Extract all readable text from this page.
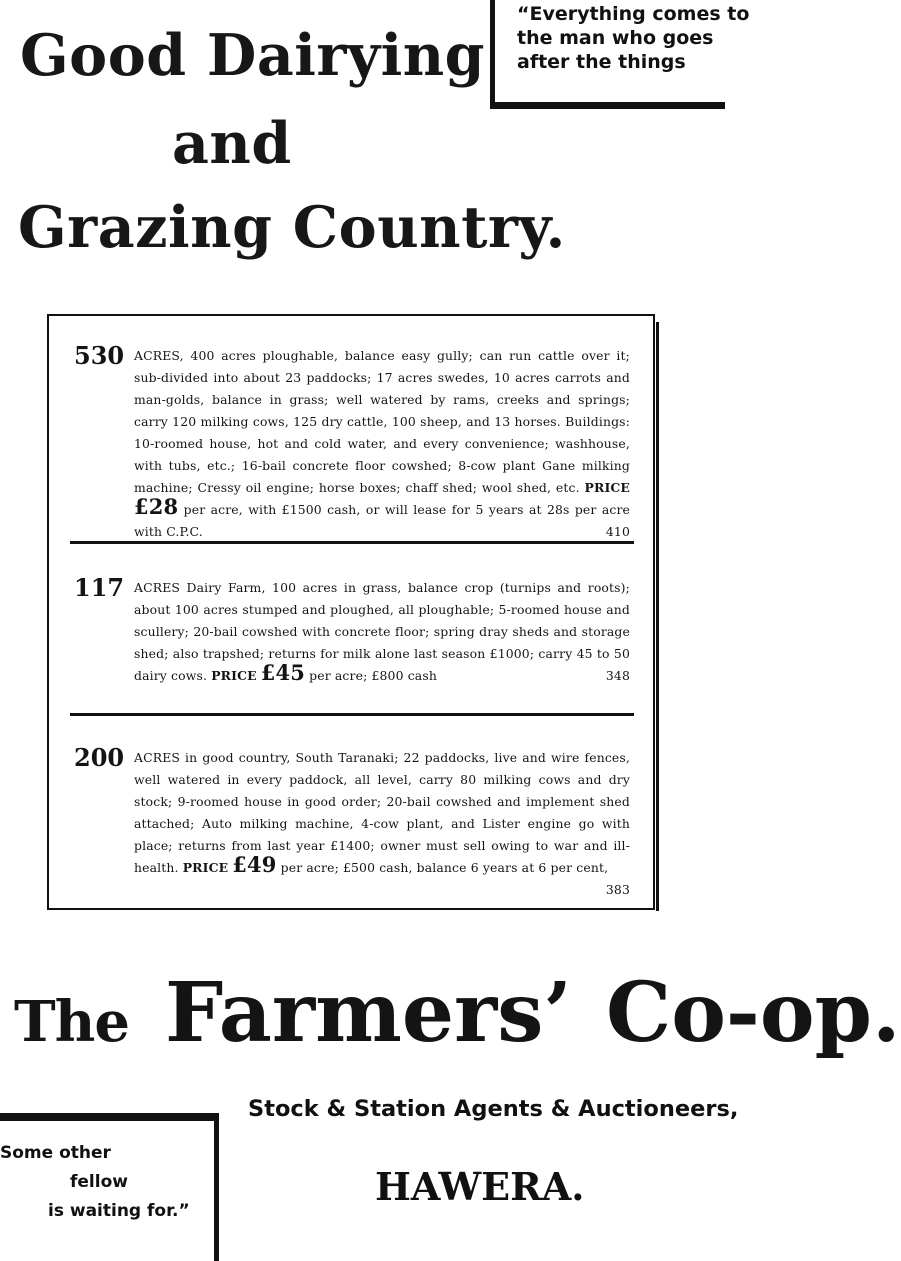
Good Dairying
and
Grazing Country.
“Everything comes to
the man who goes
after the things
530 ACRES, 400 acres ploughable, balance easy gully; can run cattle over it; sub-divided into about 23 paddocks; 17 acres swedes, 10 acres carrots and man-golds, balance in grass; well watered by rams, creeks and springs; carry 120 milking cows, 125 dry cattle, 100 sheep, and 13 horses. Buildings: 10-roomed house, hot and cold water, and every convenience; washhouse, with tubs, etc.; 16-bail concrete floor cowshed; 8-cow plant Gane milking machine; Cressy oil engine; horse boxes; chaff shed; wool shed, etc. PRICE £28 per acre, with £1500 cash, or will lease for 5 years at 28s per acre with C.P.C.	410
117 ACRES Dairy Farm, 100 acres in grass, balance crop (turnips and roots); about 100 acres stumped and ploughed, all ploughable; 5-roomed house and scullery; 20-bail cowshed with concrete floor; spring dray sheds and storage shed; also trapshed; returns for milk alone last season £1000; carry 45 to 50 dairy cows. PRICE £45 per acre; £800 cash	348
200 ACRES in good country, South Taranaki; 22 paddocks, live and wire fences, well watered in every paddock, all level, carry 80 milking cows and dry stock; 9-roomed house in good order; 20-bail cowshed and implement shed attached; Auto milking machine, 4-cow plant, and Lister engine go with place; returns from last year £1400; owner must sell owing to war and ill-health. PRICE £49 per acre; £500 cash, balance 6 years at 6 per cent,
383
The Farmers’ Co-op.
Stock & Station Agents & Auctioneers,
HAWERA.
Some other
fellow
is waiting for.”
